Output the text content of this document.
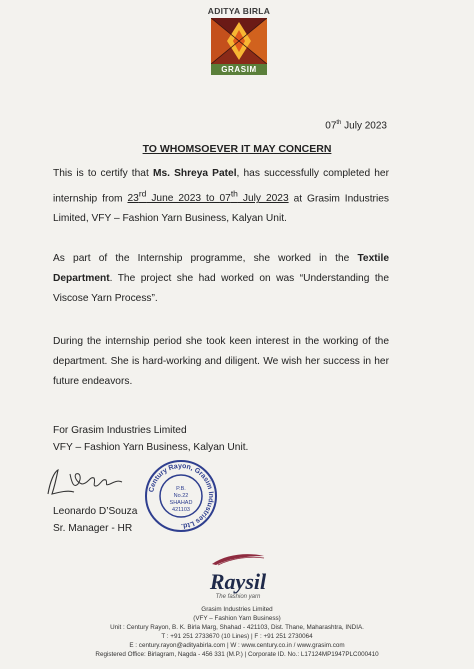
ADITYA BIRLA
GRASIM
07th July 2023
TO WHOMSOEVER IT MAY CONCERN
This is to certify that Ms. Shreya Patel, has successfully completed her internship from 23rd June 2023 to 07th July 2023 at Grasim Industries Limited, VFY – Fashion Yarn Business, Kalyan Unit.
As part of the Internship programme, she worked in the Textile Department. The project she had worked on was “Understanding the Viscose Yarn Process”.
During the internship period she took keen interest in the working of the department. She is hard-working and diligent. We wish her success in her future endeavors.
For Grasim Industries Limited
VFY – Fashion Yarn Business, Kalyan Unit.
Leonardo D’Souza
Sr. Manager - HR
Century Rayon, Grasim Industries Ltd.
P.B.
No.22
SHAHAD
421103
Raysil
The fashion yarn
Grasim Industries Limited
(VFY – Fashion Yarn Business)
Unit : Century Rayon, B. K. Birla Marg, Shahad - 421103, Dist. Thane, Maharashtra, INDIA.
T : +91 251 2733670 (10 Lines) | F : +91 251 2730064
E : century.rayon@adityabirla.com | W : www.century.co.in / www.grasim.com
Registered Office: Birlagram, Nagda - 456 331 (M.P.) | Corporate ID. No.: L17124MP1947PLC000410
